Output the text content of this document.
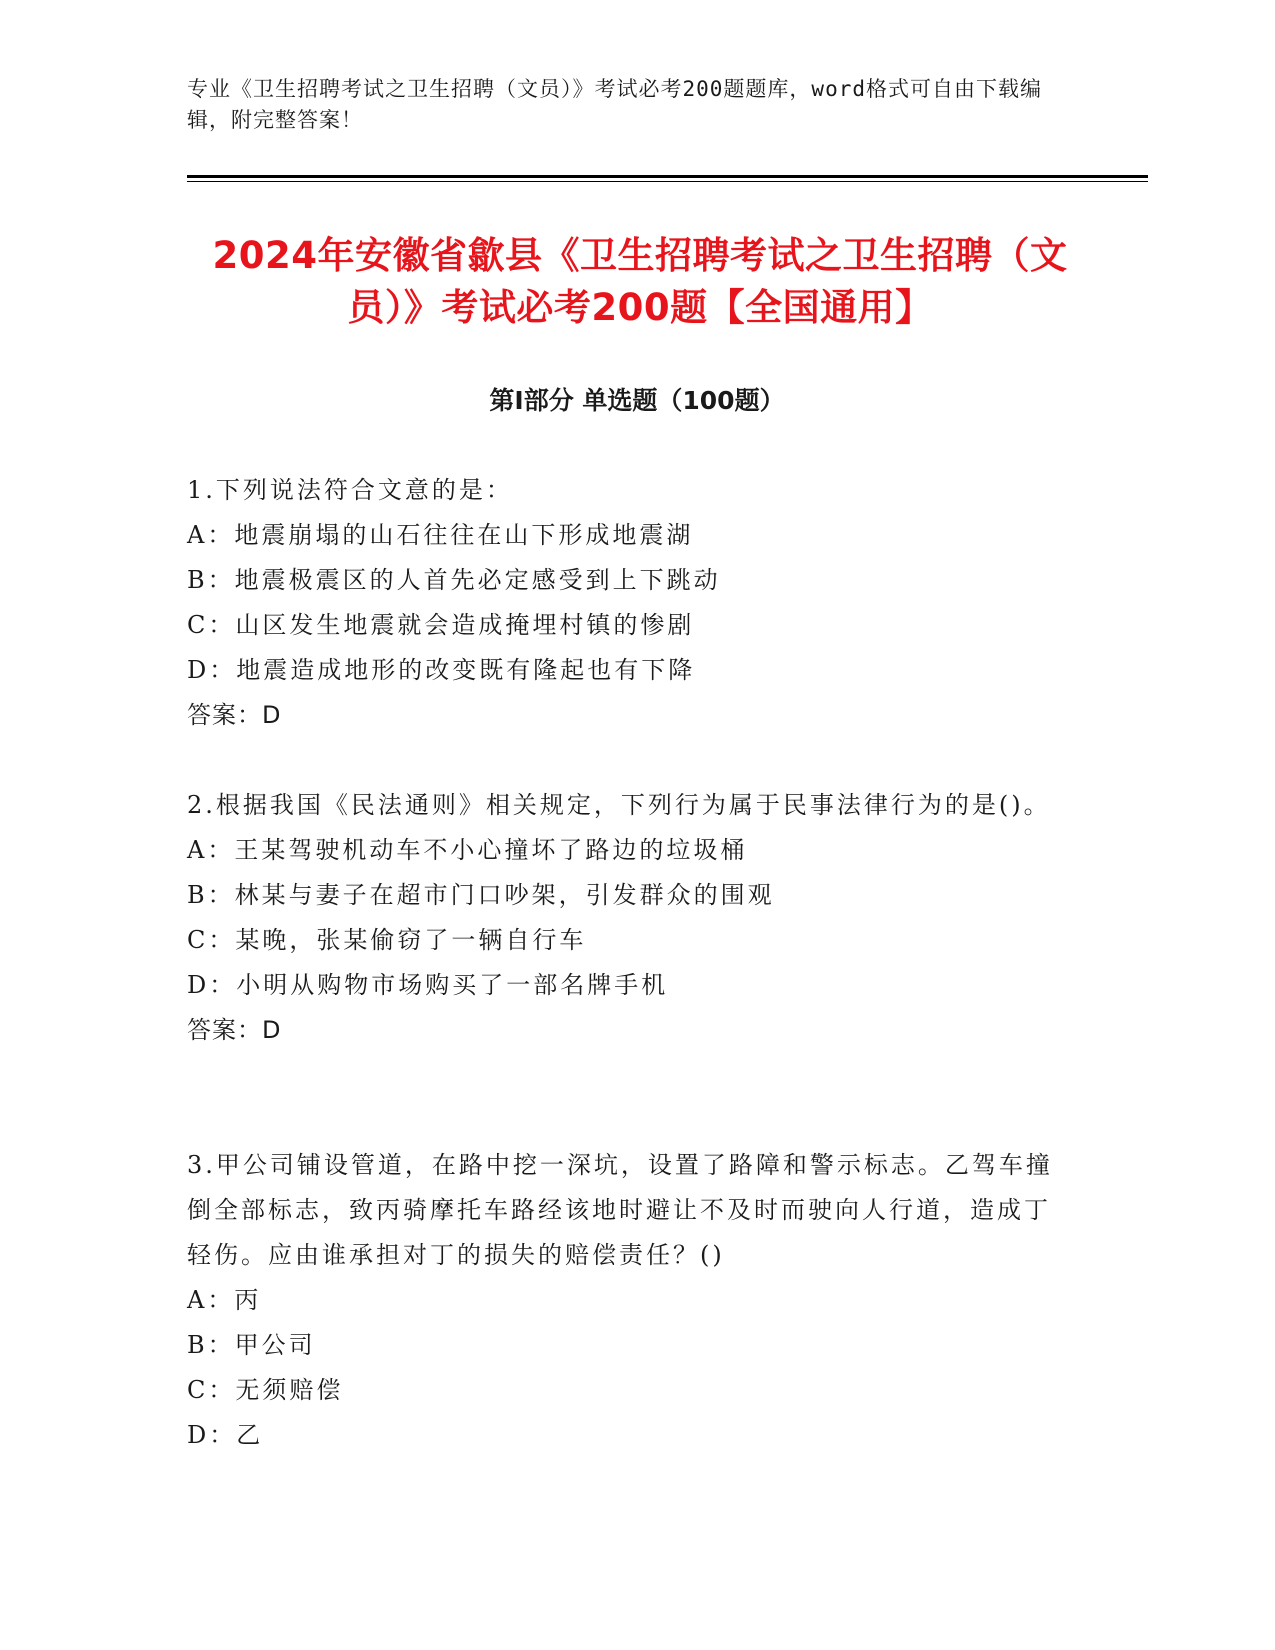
专业《卫生招聘考试之卫生招聘（文员）》考试必考200题题库，word格式可自由下载编辑，附完整答案！

2024年安徽省歙县《卫生招聘考试之卫生招聘（文员）》考试必考200题【全国通用】
第Ⅰ部分 单选题（100题）

1.下列说法符合文意的是：

A：地震崩塌的山石往往在山下形成地震湖

B：地震极震区的人首先必定感受到上下跳动

C：山区发生地震就会造成掩埋村镇的惨剧

D：地震造成地形的改变既有隆起也有下降

答案：D

2.根据我国《民法通则》相关规定，下列行为属于民事法律行为的是()。

A：王某驾驶机动车不小心撞坏了路边的垃圾桶

B：林某与妻子在超市门口吵架，引发群众的围观

C：某晚，张某偷窃了一辆自行车

D：小明从购物市场购买了一部名牌手机

答案：D

3.甲公司铺设管道，在路中挖一深坑，设置了路障和警示标志。乙驾车撞倒全部标志，致丙骑摩托车路经该地时避让不及时而驶向人行道，造成丁轻伤。应由谁承担对丁的损失的赔偿责任？()

A：丙

B：甲公司

C：无须赔偿

D：乙
